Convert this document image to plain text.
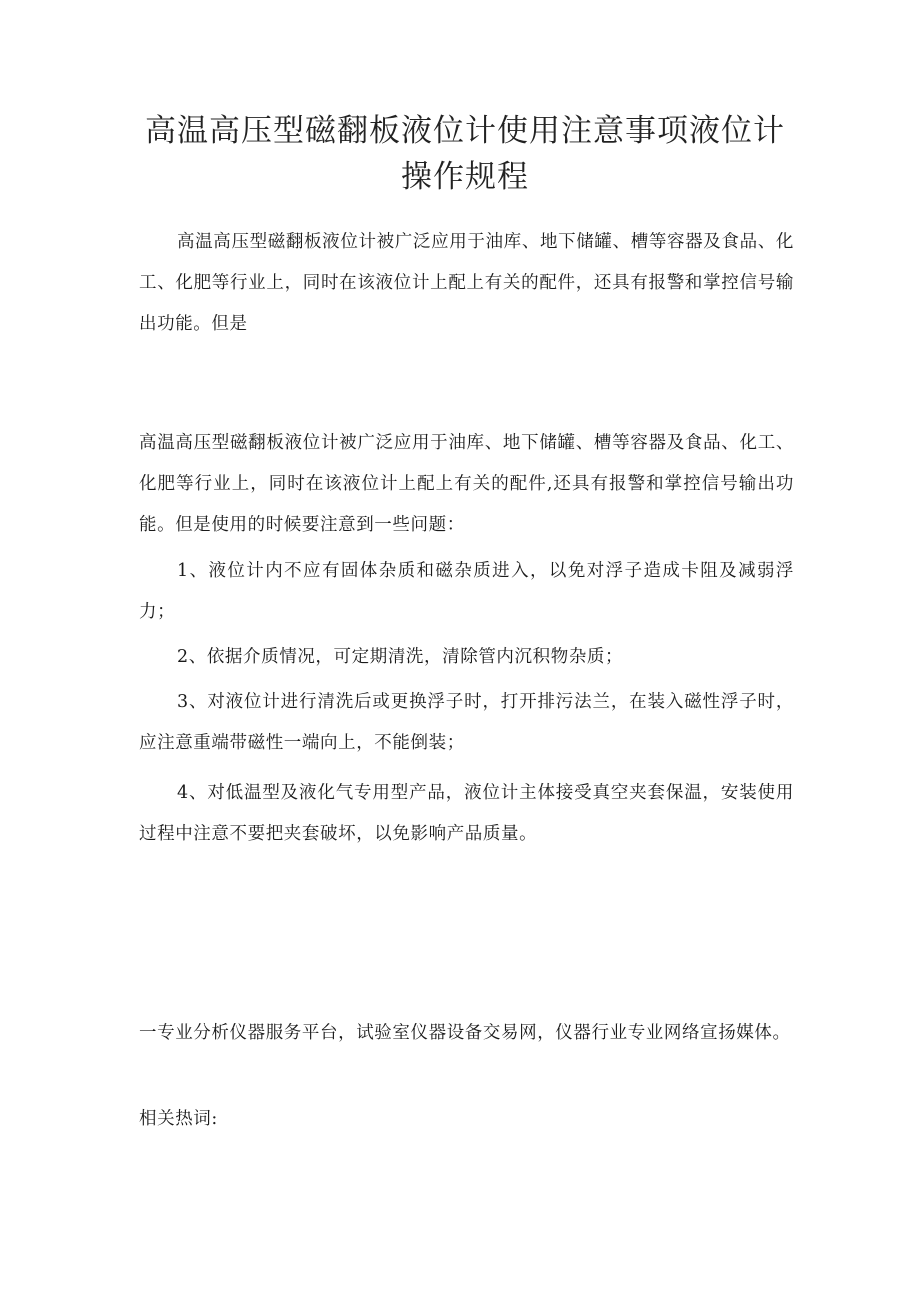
高温高压型磁翻板液位计使用注意事项液位计操作规程

高温高压型磁翻板液位计被广泛应用于油库、地下储罐、槽等容器及食品、化工、化肥等行业上，同时在该液位计上配上有关的配件，还具有报警和掌控信号输出功能。但是

高温高压型磁翻板液位计被广泛应用于油库、地下储罐、槽等容器及食品、化工、化肥等行业上，同时在该液位计上配上有关的配件,还具有报警和掌控信号输出功能。但是使用的时候要注意到一些问题：

1、液位计内不应有固体杂质和磁杂质进入，以免对浮子造成卡阻及减弱浮力；

2、依据介质情况，可定期清洗，清除管内沉积物杂质；

3、对液位计进行清洗后或更换浮子时，打开排污法兰，在装入磁性浮子时，应注意重端带磁性一端向上，不能倒装；

4、对低温型及液化气专用型产品，液位计主体接受真空夹套保温，安装使用过程中注意不要把夹套破坏，以免影响产品质量。

一专业分析仪器服务平台，试验室仪器设备交易网，仪器行业专业网络宣扬媒体。

相关热词:
